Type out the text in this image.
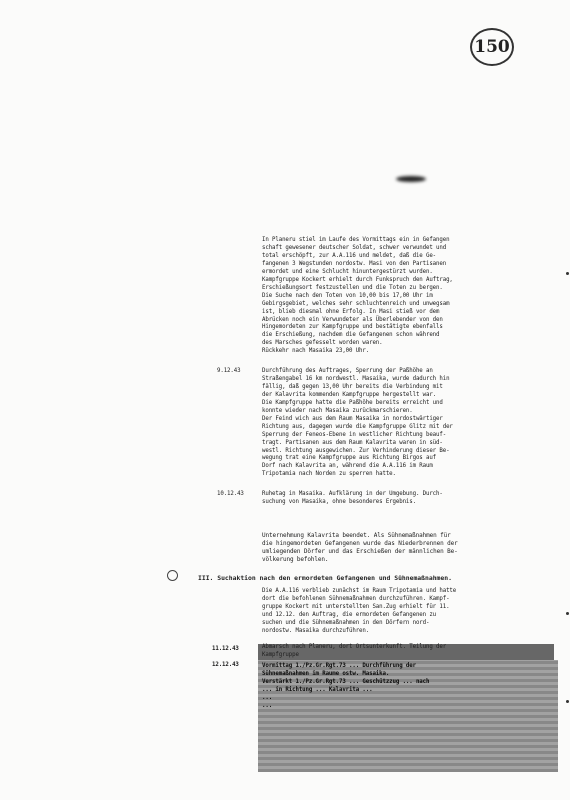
150
In Planeru stiel im Laufe des Vormittags ein in Gefangen
schaft gewesener deutscher Soldat, schwer verwundet und
total erschöpft, zur A.A.116 und meldet, daß die Ge-
fangenen 3 Wegstunden nordostw. Masi von den Partisanen
ermordet und eine Schlucht hinuntergestürzt wurden.
Kampfgruppe Kockert erhielt durch Funkspruch den Auftrag,
Erschießungsort festzustellen und die Toten zu bergen.
Die Suche nach den Toten von 10,00 bis 17,00 Uhr im
Gebirgsgebiet, welches sehr schluchtenreich und unwegsam
ist, blieb diesmal ohne Erfolg. In Masi stieß vor dem
Abrücken noch ein Verwundeter als Überlebender von den
Hingemordeten zur Kampfgruppe und bestätigte ebenfalls
die Erschießung, nachdem die Gefangenen schon während
des Marsches gefesselt worden waren.
Rückkehr nach Masaika 23,00 Uhr.
9.12.43	Durchführung des Auftrages, Sperrung der Paßhöhe an
Straßengabel 16 km nordwestl. Masaika, wurde dadurch hin
fällig, daß gegen 13,00 Uhr bereits die Verbindung mit
der Kalavrita kommenden Kampfgruppe hergestellt war.
Die Kampfgruppe hatte die Paßhöhe bereits erreicht und
konnte wieder nach Masaika zurückmarschieren.
Der Feind wich aus dem Raum Masaika in nordostwärtiger
Richtung aus, dagegen wurde die Kampfgruppe Glitz mit der
Sperrung der Feneos-Ebene in westlicher Richtung beauf-
tragt. Partisanen aus dem Raum Kalavrita waren in süd-
westl. Richtung ausgewichen. Zur Verhinderung dieser Be-
wegung trat eine Kampfgruppe aus Richtung Birgos auf
Dorf nach Kalavrita an, während die A.A.116 im Raum
Tripotamia nach Norden zu sperren hatte.
10.12.43	Ruhetag in Masaika. Aufklärung in der Umgebung. Durch-
suchung von Masaika, ohne besonderes Ergebnis.
Unternehmung Kalavrita beendet. Als Sühnemaßnahmen für
die hingemordeten Gefangenen wurde das Niederbrennen der
umliegenden Dörfer und das Erschießen der männlichen Be-
völkerung befohlen.
III. Suchaktion nach den ermordeten Gefangenen und Sühnemaßnahmen.
Die A.A.116 verblieb zunächst im Raum Tripotamia und hatte
dort die befohlenen Sühnemaßnahmen durchzuführen. Kampf-
gruppe Kockert mit unterstellten San.Zug erhielt für 11.
und 12.12. den Auftrag, die ermordeten Gefangenen zu
suchen und die Sühnemaßnahmen in den Dörfern nord-
nordostw. Masaika durchzuführen.
11.12.43	Abmarsch nach Planeru, dort Ortsunterkunft. Teilung der
Kampfgruppe
12.12.43	Vormittag 1./Pz.Gr.Rgt.73 ... Durchführung der
Sühnemaßnahmen im Raume ostw. Masaika.
Verstärkt 1./Pz.Gr.Rgt.73 ... Geschützzug ... nach
... in Richtung ... Kalavrita ...
...
...
